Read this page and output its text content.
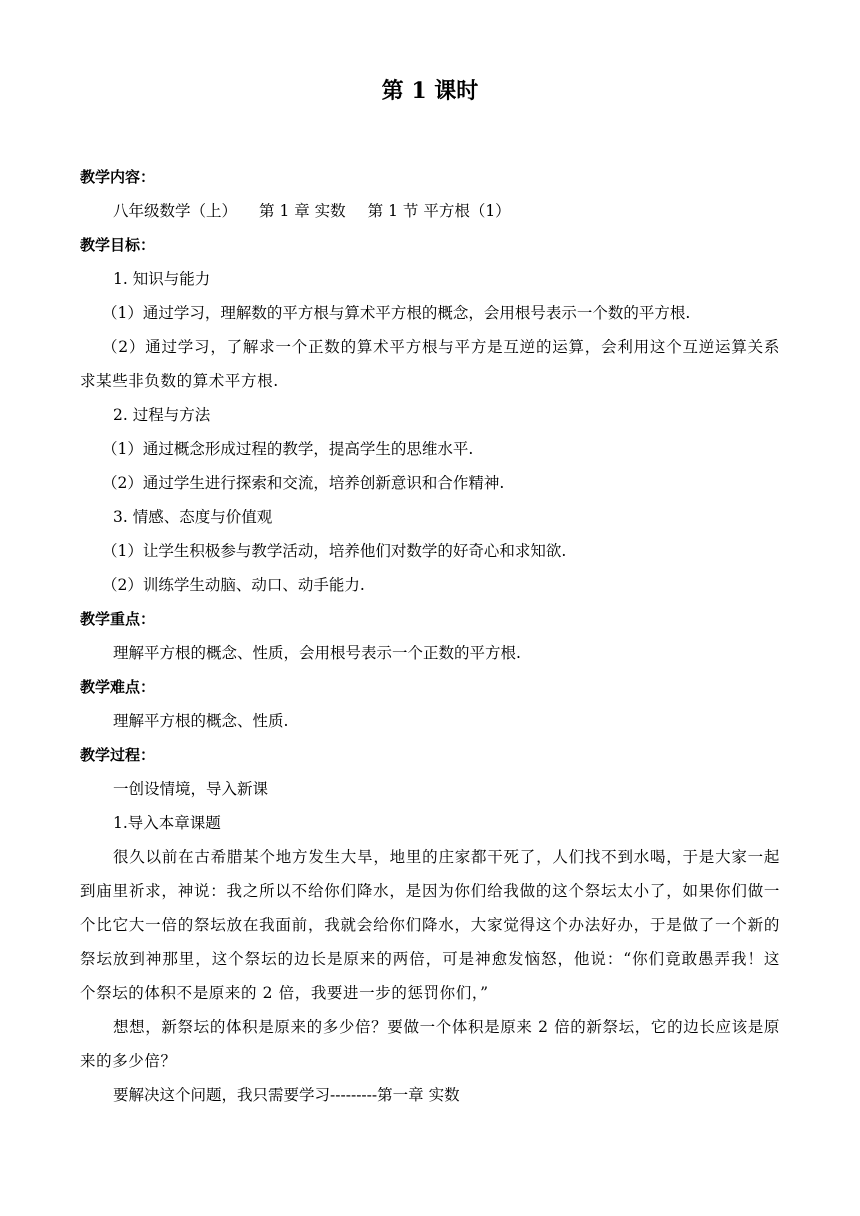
第 1 课时

教学内容：

八年级数学（上） 第 1 章 实数 第 1 节 平方根（1）

教学目标：

1. 知识与能力

（1）通过学习，理解数的平方根与算术平方根的概念，会用根号表示一个数的平方根.

（2）通过学习，了解求一个正数的算术平方根与平方是互逆的运算，会利用这个互逆运算关系求某些非负数的算术平方根.

2. 过程与方法

（1）通过概念形成过程的教学，提高学生的思维水平.

（2）通过学生进行探索和交流，培养创新意识和合作精神.

3. 情感、态度与价值观

（1）让学生积极参与教学活动，培养他们对数学的好奇心和求知欲.

（2）训练学生动脑、动口、动手能力.

教学重点：

理解平方根的概念、性质，会用根号表示一个正数的平方根.

教学难点：

理解平方根的概念、性质.

教学过程：

一创设情境，导入新课

1.导入本章课题

很久以前在古希腊某个地方发生大旱，地里的庄家都干死了，人们找不到水喝，于是大家一起到庙里祈求，神说：我之所以不给你们降水，是因为你们给我做的这个祭坛太小了，如果你们做一个比它大一倍的祭坛放在我面前，我就会给你们降水，大家觉得这个办法好办，于是做了一个新的祭坛放到神那里，这个祭坛的边长是原来的两倍，可是神愈发恼怒，他说：“你们竟敢愚弄我！这个祭坛的体积不是原来的 2 倍，我要进一步的惩罚你们，”

想想，新祭坛的体积是原来的多少倍？要做一个体积是原来 2 倍的新祭坛，它的边长应该是原来的多少倍？

要解决这个问题，我只需要学习---------第一章 实数
